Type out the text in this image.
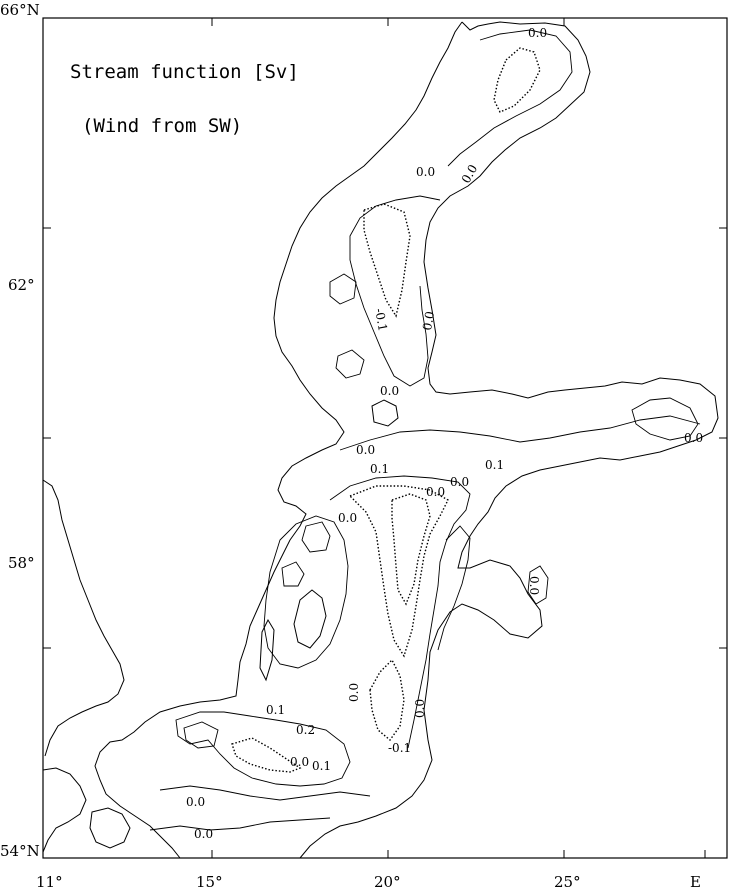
0.0
0.0 0.0
-0.1	0.0
0.0
0.0
0.1	0.1
0.0
0.0
0.0
0.0
0.0
-0.1
0.1
0.2
0.0 0.1
0.0
0.0
0.0
0.0
Stream function [Sv]
(Wind from SW)
66°N
62°
58°
54°N
11°	15°	20°	25°	E
